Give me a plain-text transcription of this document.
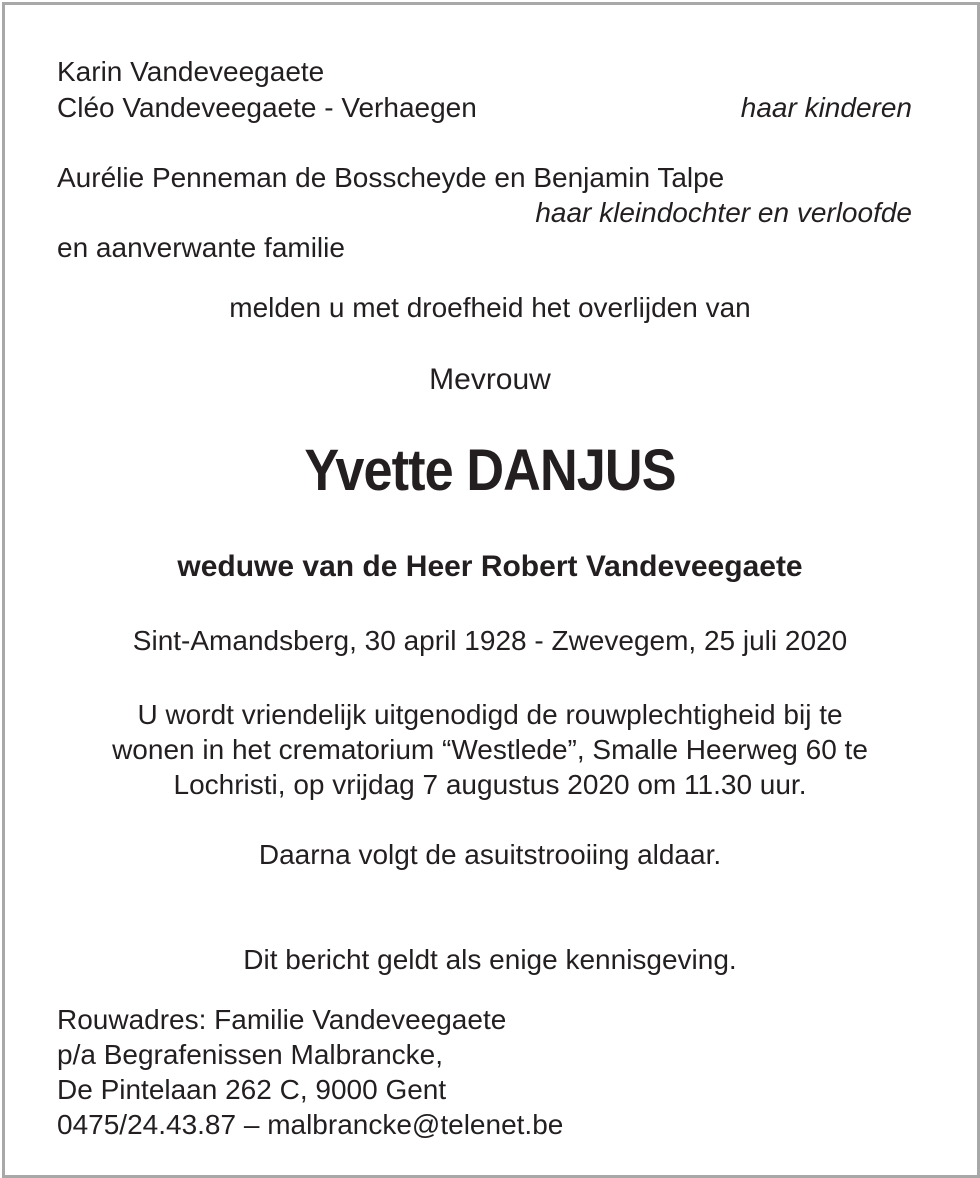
Karin Vandeveegaete
Cléo Vandeveegaete - Verhaegen	haar kinderen
Aurélie Penneman de Bosscheyde en Benjamin Talpe
haar kleindochter en verloofde
en aanverwante familie
melden u met droefheid het overlijden van
Mevrouw
Yvette DANJUS
weduwe van de Heer Robert Vandeveegaete
Sint-Amandsberg, 30 april 1928 - Zwevegem, 25 juli 2020
U wordt vriendelijk uitgenodigd de rouwplechtigheid bij te
wonen in het crematorium “Westlede”, Smalle Heerweg 60 te
Lochristi, op vrijdag 7 augustus 2020 om 11.30 uur.
Daarna volgt de asuitstrooiing aldaar.
Dit bericht geldt als enige kennisgeving.
Rouwadres: Familie Vandeveegaete
p/a Begrafenissen Malbrancke,
De Pintelaan 262 C, 9000 Gent
0475/24.43.87 – malbrancke@telenet.be
